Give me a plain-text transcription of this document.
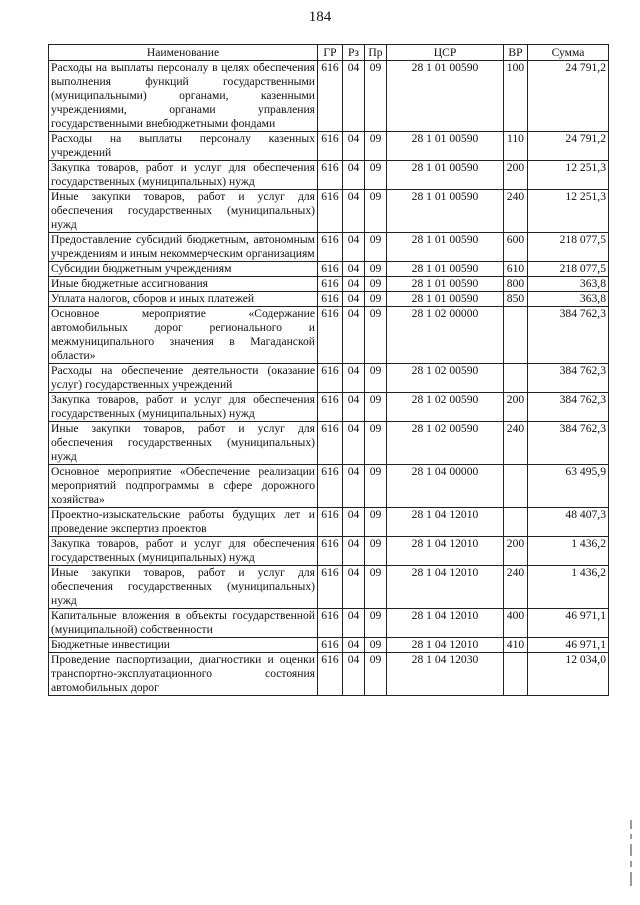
184
Наименование	ГР	Рз	Пр	ЦСР	ВР	Сумма
Расходы на выплаты персоналу в целях обеспечения выполнения функций государственными (муниципальными) органами, казенными учреждениями, органами управления государственными внебюджетными фондами	616	04	09	28 1 01 00590	100	24 791,2
Расходы на выплаты персоналу казенных учреждений	616	04	09	28 1 01 00590	110	24 791,2
Закупка товаров, работ и услуг для обеспечения государственных (муниципальных) нужд	616	04	09	28 1 01 00590	200	12 251,3
Иные закупки товаров, работ и услуг для обеспечения государственных (муниципальных) нужд	616	04	09	28 1 01 00590	240	12 251,3
Предоставление субсидий бюджетным, автономным учреждениям и иным некоммерческим организациям	616	04	09	28 1 01 00590	600	218 077,5
Субсидии бюджетным учреждениям	616	04	09	28 1 01 00590	610	218 077,5
Иные бюджетные ассигнования	616	04	09	28 1 01 00590	800	363,8
Уплата налогов, сборов и иных платежей	616	04	09	28 1 01 00590	850	363,8
Основное мероприятие «Содержание автомобильных дорог регионального и межмуниципального значения в Магаданской области»	616	04	09	28 1 02 00000		384 762,3
Расходы на обеспечение деятельности (оказание услуг) государственных учреждений	616	04	09	28 1 02 00590		384 762,3
Закупка товаров, работ и услуг для обеспечения государственных (муниципальных) нужд	616	04	09	28 1 02 00590	200	384 762,3
Иные закупки товаров, работ и услуг для обеспечения государственных (муниципальных) нужд	616	04	09	28 1 02 00590	240	384 762,3
Основное мероприятие «Обеспечение реализации мероприятий подпрограммы в сфере дорожного хозяйства»	616	04	09	28 1 04 00000		63 495,9
Проектно-изыскательские работы будущих лет и проведение экспертиз проектов	616	04	09	28 1 04 12010		48 407,3
Закупка товаров, работ и услуг для обеспечения государственных (муниципальных) нужд	616	04	09	28 1 04 12010	200	1 436,2
Иные закупки товаров, работ и услуг для обеспечения государственных (муниципальных) нужд	616	04	09	28 1 04 12010	240	1 436,2
Капитальные вложения в объекты государственной (муниципальной) собственности	616	04	09	28 1 04 12010	400	46 971,1
Бюджетные инвестиции	616	04	09	28 1 04 12010	410	46 971,1
Проведение паспортизации, диагностики и оценки транспортно-эксплуатационного состояния автомобильных дорог	616	04	09	28 1 04 12030		12 034,0
